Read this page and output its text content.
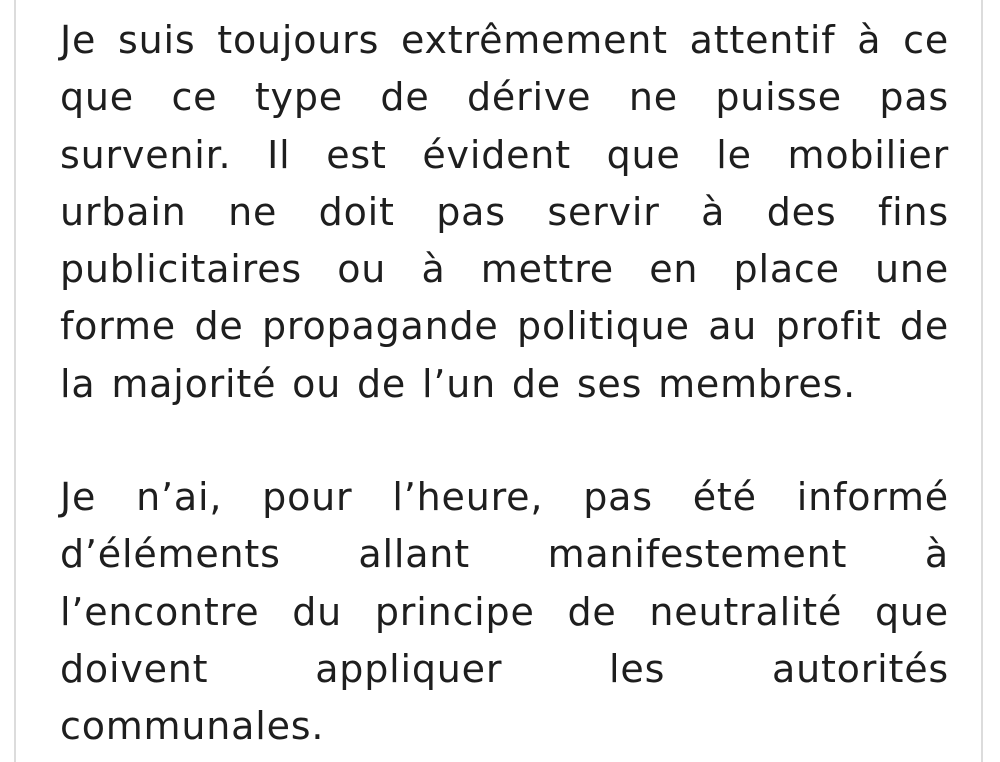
Je suis toujours extrêmement attentif à ce que ce type de dérive ne puisse pas survenir. Il est évident que le mobilier urbain ne doit pas servir à des fins publicitaires ou à mettre en place une forme de propagande politique au profit de la majorité ou de l’un de ses membres.

Je n’ai, pour l’heure, pas été informé d’éléments allant manifestement à l’encontre du principe de neutralité que doivent appliquer les autorités communales.
